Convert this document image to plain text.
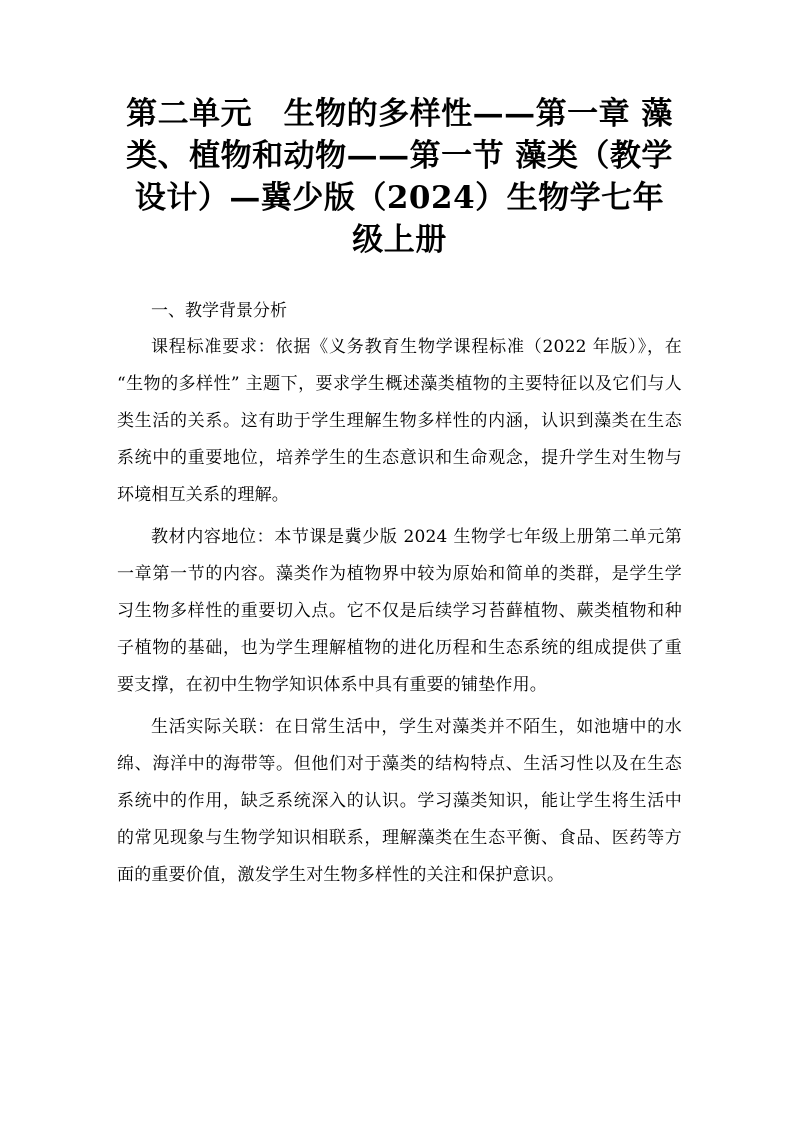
第二单元　生物的多样性——第一章 藻类、植物和动物——第一节 藻类（教学设计）—冀少版（2024）生物学七年级上册

一、教学背景分析

课程标准要求：依据《义务教育生物学课程标准（2022 年版）》，在 “生物的多样性” 主题下，要求学生概述藻类植物的主要特征以及它们与人类生活的关系。这有助于学生理解生物多样性的内涵，认识到藻类在生态系统中的重要地位，培养学生的生态意识和生命观念，提升学生对生物与环境相互关系的理解。

教材内容地位：本节课是冀少版 2024 生物学七年级上册第二单元第一章第一节的内容。藻类作为植物界中较为原始和简单的类群，是学生学习生物多样性的重要切入点。它不仅是后续学习苔藓植物、蕨类植物和种子植物的基础，也为学生理解植物的进化历程和生态系统的组成提供了重要支撑，在初中生物学知识体系中具有重要的铺垫作用。

生活实际关联：在日常生活中，学生对藻类并不陌生，如池塘中的水绵、海洋中的海带等。但他们对于藻类的结构特点、生活习性以及在生态系统中的作用，缺乏系统深入的认识。学习藻类知识，能让学生将生活中的常见现象与生物学知识相联系，理解藻类在生态平衡、食品、医药等方面的重要价值，激发学生对生物多样性的关注和保护意识。
